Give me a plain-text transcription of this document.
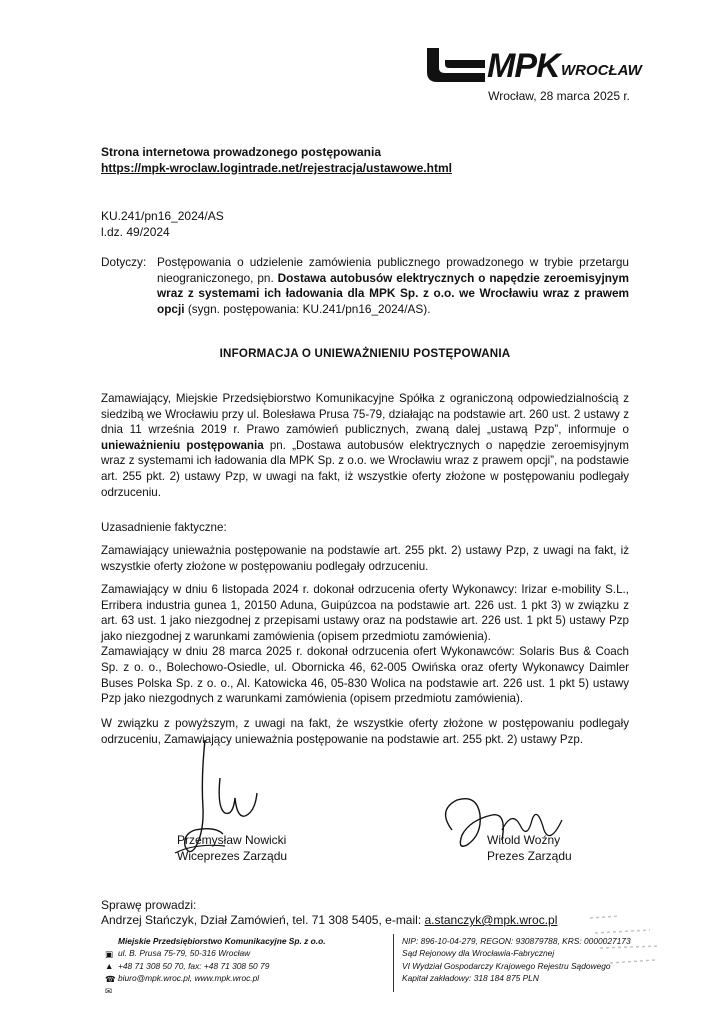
MPK WROCŁAW
Wrocław, 28 marca 2025 r.
Strona internetowa prowadzonego postępowania
https://mpk-wroclaw.logintrade.net/rejestracja/ustawowe.html
KU.241/pn16_2024/AS
l.dz. 49/2024
Dotyczy: Postępowania o udzielenie zamówienia publicznego prowadzonego w trybie przetargu nieograniczonego, pn. Dostawa autobusów elektrycznych o napędzie zeroemisyjnym wraz z systemami ich ładowania dla MPK Sp. z o.o. we Wrocławiu wraz z prawem opcji (sygn. postępowania: KU.241/pn16_2024/AS).
INFORMACJA O UNIEWAŻNIENIU POSTĘPOWANIA

Zamawiający, Miejskie Przedsiębiorstwo Komunikacyjne Spółka z ograniczoną odpowiedzialnością z siedzibą we Wrocławiu przy ul. Bolesława Prusa 75-79, działając na podstawie art. 260 ust. 2 ustawy z dnia 11 września 2019 r. Prawo zamówień publicznych, zwaną dalej „ustawą Pzp”, informuje o unieważnieniu postępowania pn. „Dostawa autobusów elektrycznych o napędzie zeroemisyjnym wraz z systemami ich ładowania dla MPK Sp. z o.o. we Wrocławiu wraz z prawem opcji”, na podstawie art. 255 pkt. 2) ustawy Pzp, w uwagi na fakt, iż wszystkie oferty złożone w postępowaniu podlegały odrzuceniu.

Uzasadnienie faktyczne:

Zamawiający unieważnia postępowanie na podstawie art. 255 pkt. 2) ustawy Pzp, z uwagi na fakt, iż wszystkie oferty złożone w postępowaniu podlegały odrzuceniu.

Zamawiający w dniu 6 listopada 2024 r. dokonał odrzucenia oferty Wykonawcy: Irizar e-mobility S.L., Erribera industria gunea 1, 20150 Aduna, Guipúzcoa na podstawie art. 226 ust. 1 pkt 3) w związku z art. 63 ust. 1 jako niezgodnej z przepisami ustawy oraz na podstawie art. 226 ust. 1 pkt 5) ustawy Pzp jako niezgodnej z warunkami zamówienia (opisem przedmiotu zamówienia).

Zamawiający w dniu 28 marca 2025 r. dokonał odrzucenia ofert Wykonawców: Solaris Bus & Coach Sp. z o. o., Bolechowo-Osiedle, ul. Obornicka 46, 62-005 Owińska oraz oferty Wykonawcy Daimler Buses Polska Sp. z o. o., Al. Katowicka 46, 05-830 Wolica na podstawie art. 226 ust. 1 pkt 5) ustawy Pzp jako niezgodnych z warunkami zamówienia (opisem przedmiotu zamówienia).

W związku z powyższym, z uwagi na fakt, że wszystkie oferty złożone w postępowaniu podlegały odrzuceniu, Zamawiający unieważnia postępowanie na podstawie art. 255 pkt. 2) ustawy Pzp.

Przemysław Nowicki
Wiceprezes Zarządu
Witold Woźny
Prezes Zarządu
Sprawę prowadzi:
Andrzej Stańczyk, Dział Zamówień, tel. 71 308 5405, e-mail: a.stanczyk@mpk.wroc.pl
▣
▲
☎
✉
Miejskie Przedsiębiorstwo Komunikacyjne Sp. z o.o.
ul. B. Prusa 75-79, 50-316 Wrocław
+48 71 308 50 70, fax: +48 71 308 50 79
biuro@mpk.wroc.pl, www.mpk.wroc.pl
NIP: 896-10-04-279, REGON: 930879788, KRS: 0000027173
Sąd Rejonowy dla Wrocławia-Fabrycznej
VI Wydział Gospodarczy Krajowego Rejestru Sądowego
Kapitał zakładowy: 318 184 875 PLN
